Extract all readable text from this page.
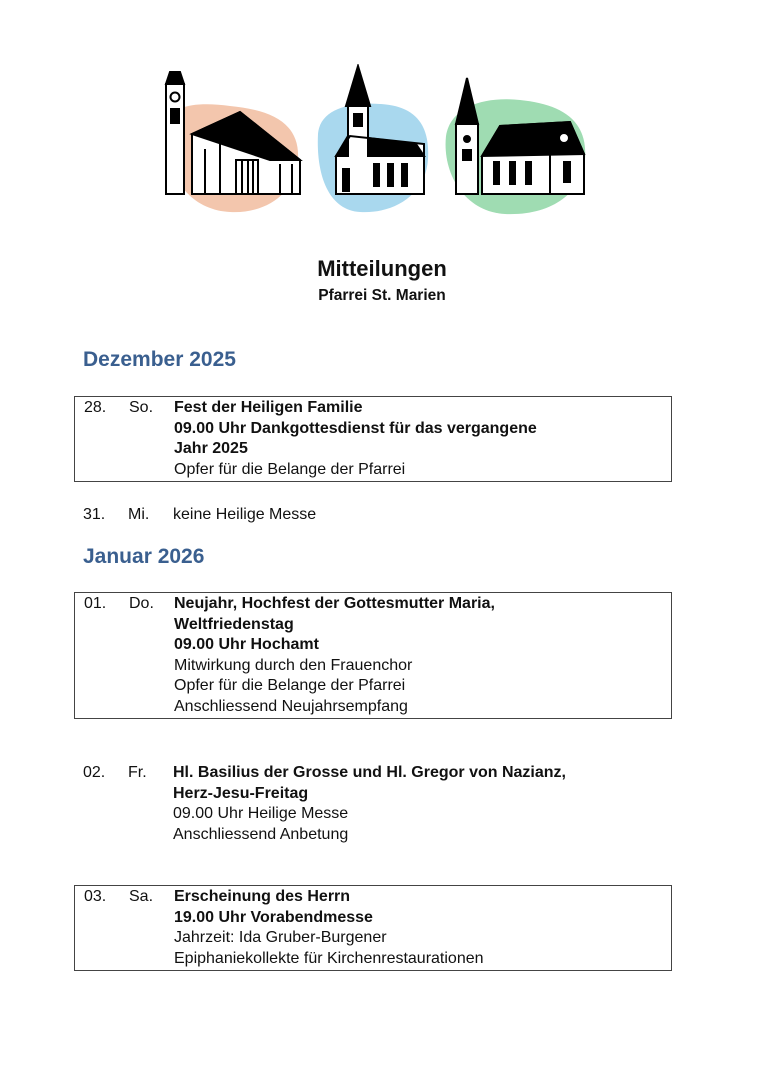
Mitteilungen
Pfarrei St. Marien
Dezember 2025
28. So. Fest der Heiligen Familie
09.00 Uhr Dankgottesdienst für das vergangene
Jahr 2025
Opfer für die Belange der Pfarrei
31. Mi. keine Heilige Messe
Januar 2026
01. Do. Neujahr, Hochfest der Gottesmutter Maria,
Weltfriedenstag
09.00 Uhr Hochamt
Mitwirkung durch den Frauenchor
Opfer für die Belange der Pfarrei
Anschliessend Neujahrsempfang
02. Fr. Hl. Basilius der Grosse und Hl. Gregor von Nazianz,
Herz-Jesu-Freitag
09.00 Uhr Heilige Messe
Anschliessend Anbetung
03. Sa. Erscheinung des Herrn
19.00 Uhr Vorabendmesse
Jahrzeit: Ida Gruber-Burgener
Epiphaniekollekte für Kirchenrestaurationen
